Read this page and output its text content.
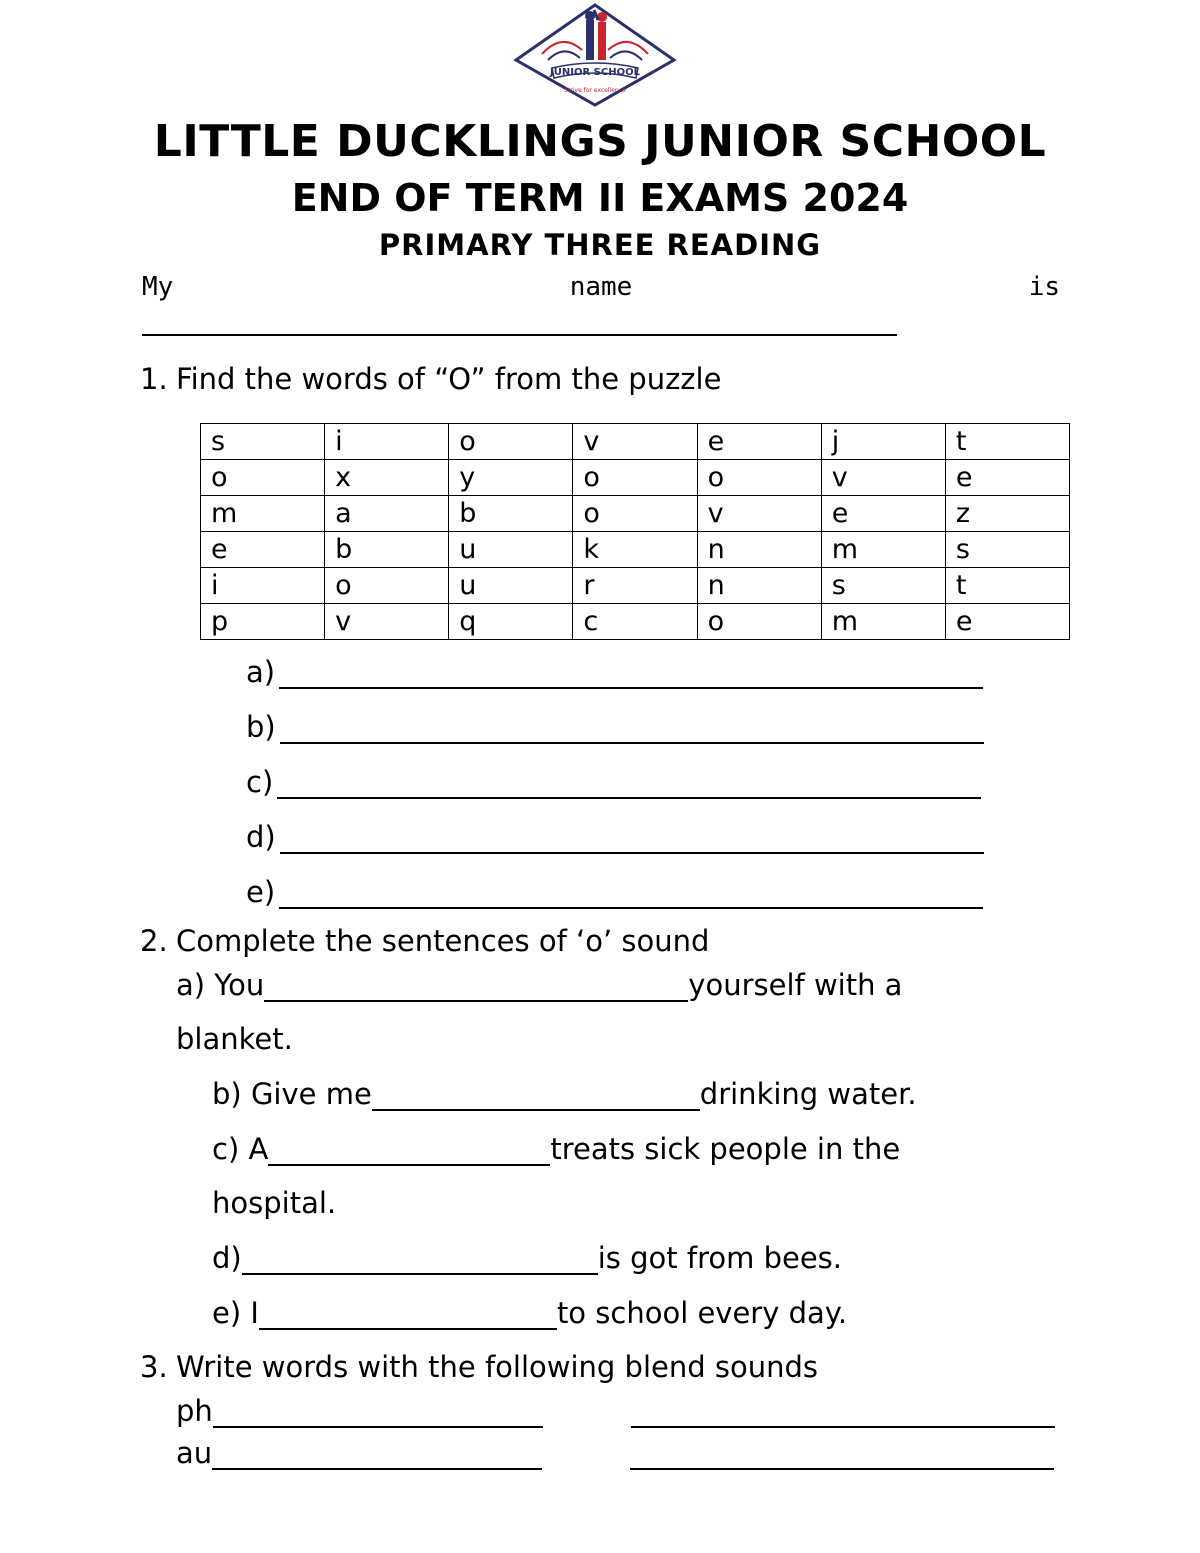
JUNIOR SCHOOL
Strive for excellence
LITTLE DUCKLINGS JUNIOR SCHOOL
END OF TERM II EXAMS 2024
PRIMARY THREE READING
My	name	is
1. Find the words of “O” from the puzzle
s	i	o	v	e	j	t
o	x	y	o	o	v	e
m	a	b	o	v	e	z
e	b	u	k	n	m	s
i	o	u	r	n	s	t
p	v	q	c	o	m	e
a)
b)
c)
d)
e)
2. Complete the sentences of ‘o’ sound
a) You	yourself with a
blanket.
b) Give me	drinking water.
c) A	treats sick people in the
hospital.
d)	is got from bees.
e) I	to school every day.
3. Write words with the following blend sounds
ph
au
